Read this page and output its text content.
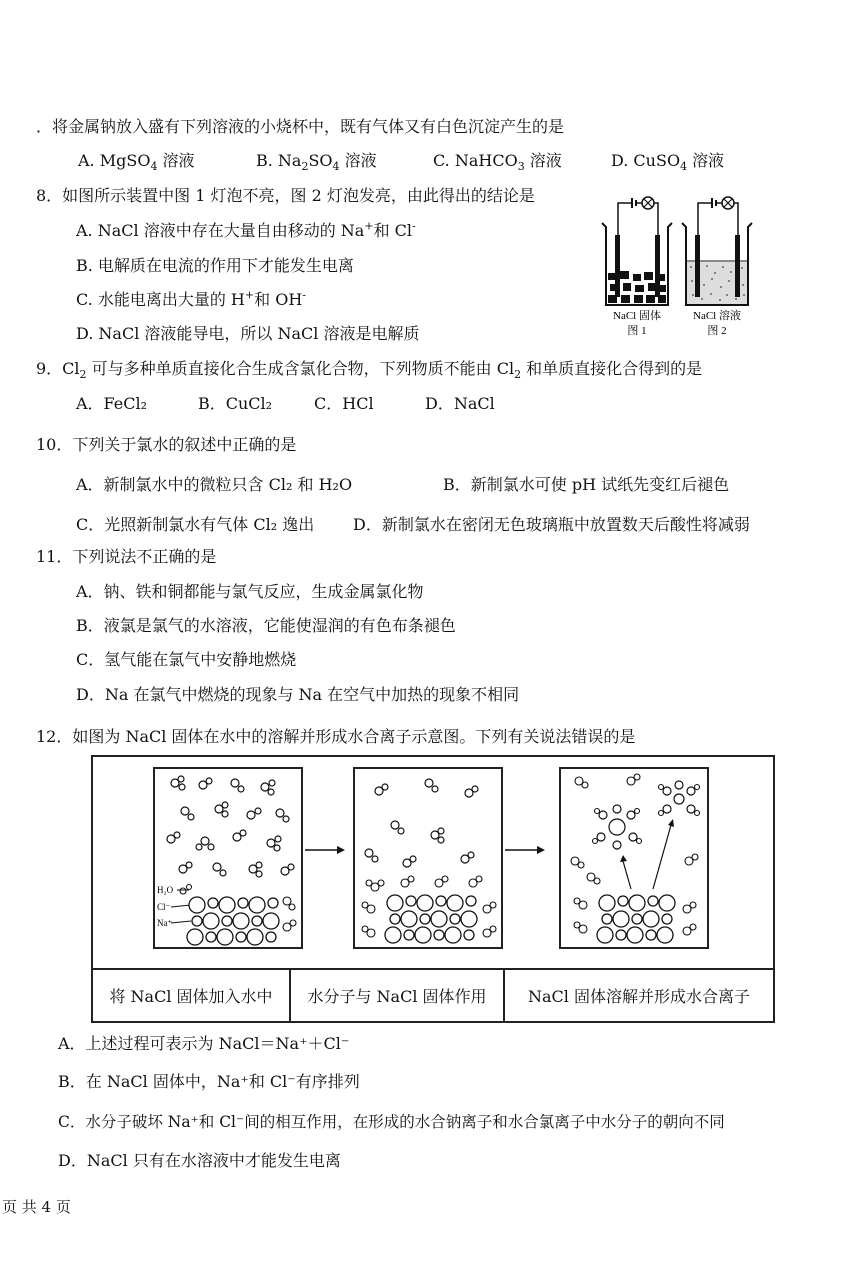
．将金属钠放入盛有下列溶液的小烧杯中，既有气体又有白色沉淀产生的是
A. MgSO$_4$ 溶液	B. $Na_2SO_4$ 溶液	C. NaHCO$_3$ 溶液	D. CuSO$_4$ 溶液
8．如图所示装置中图 1 灯泡不亮，图 2 灯泡发亮，由此得出的结论是
A. NaCl 溶液中存在大量自由移动的 Na+和 Cl-
B. 电解质在电流的作用下才能发生电离
C. 水能电离出大量的 H+和 OH-
D. NaCl 溶液能导电，所以 NaCl 溶液是电解质
NaCl 固体
图 1
NaCl 溶液
图 2
9．$Cl_2$ 可与多种单质直接化合生成含氯化合物，下列物质不能由 $Cl_2$ 和单质直接化合得到的是
A．FeCl₂	B．CuCl₂	C．HCl	D．NaCl
10．下列关于氯水的叙述中正确的是
A．新制氯水中的微粒只含 Cl₂ 和 H₂O	B．新制氯水可使 pH 试纸先变红后褪色
C．光照新制氯水有气体 Cl₂ 逸出 D．新制氯水在密闭无色玻璃瓶中放置数天后酸性将减弱
11．下列说法不正确的是
A．钠、铁和铜都能与氯气反应，生成金属氯化物
B．液氯是氯气的水溶液，它能使湿润的有色布条褪色
C．氢气能在氯气中安静地燃烧
D．Na 在氯气中燃烧的现象与 Na 在空气中加热的现象不相同
12．如图为 NaCl 固体在水中的溶解并形成水合离子示意图。下列有关说法错误的是
H₂O
Cl⁻
Na⁺
将 NaCl 固体加入水中	水分子与 NaCl 固体作用	NaCl 固体溶解并形成水合离子
A．上述过程可表示为 NaCl＝Na⁺＋Cl⁻
B．在 NaCl 固体中，Na⁺和 Cl⁻有序排列
C．水分子破坏 Na⁺和 Cl⁻间的相互作用，在形成的水合钠离子和水合氯离子中水分子的朝向不同
D．NaCl 只有在水溶液中才能发生电离
页 共 4 页
